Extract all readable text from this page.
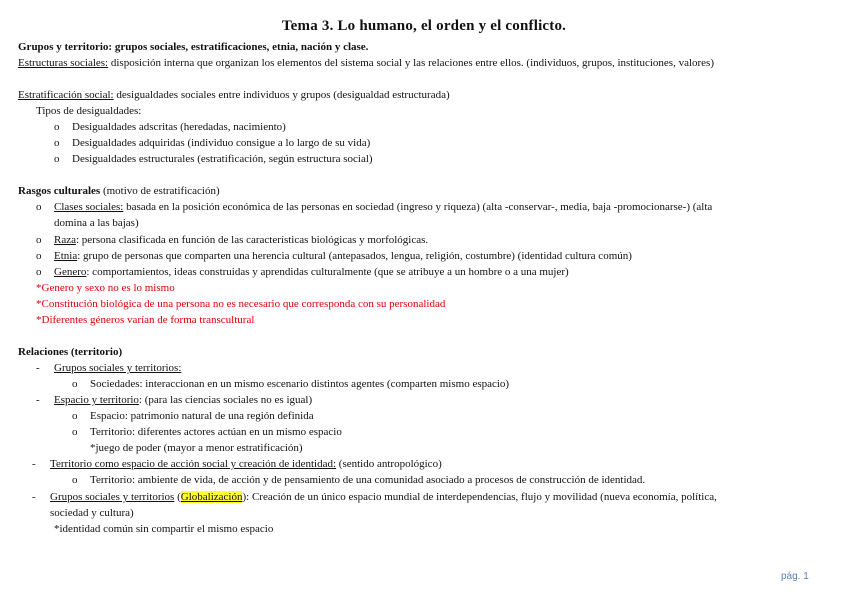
Tema 3. Lo humano, el orden y el conflicto.
Grupos y territorio: grupos sociales, estratificaciones, etnia, nación y clase.
Estructuras sociales: disposición interna que organizan los elementos del sistema social y las relaciones entre ellos. (individuos, grupos, instituciones, valores)
Estratificación social: desigualdades sociales entre individuos y grupos (desigualdad estructurada)
Tipos de desigualdades:
o Desigualdades adscritas (heredadas, nacimiento)
o Desigualdades adquiridas (individuo consigue a lo largo de su vida)
o Desigualdades estructurales (estratificación, según estructura social)
Rasgos culturales (motivo de estratificación)
o Clases sociales: basada en la posición económica de las personas en sociedad (ingreso y riqueza) (alta -conservar-, media, baja -promocionarse-) (alta
domina a las bajas)
o Raza: persona clasificada en función de las características biológicas y morfológicas.
o Etnia: grupo de personas que comparten una herencia cultural (antepasados, lengua, religión, costumbre) (identidad cultura común)
o Genero: comportamientos, ideas construidas y aprendidas culturalmente (que se atribuye a un hombre o a una mujer)
*Genero y sexo no es lo mismo
*Constitución biológica de una persona no es necesario que corresponda con su personalidad
*Diferentes géneros varían de forma transcultural
Relaciones (territorio)
- Grupos sociales y territorios:
o Sociedades: interaccionan en un mismo escenario distintos agentes (comparten mismo espacio)
- Espacio y territorio: (para las ciencias sociales no es igual)
o Espacio: patrimonio natural de una región definida
o Territorio: diferentes actores actúan en un mismo espacio
*juego de poder (mayor a menor estratificación)
- Territorio como espacio de acción social y creación de identidad: (sentido antropológico)
o Territorio: ambiente de vida, de acción y de pensamiento de una comunidad asociado a procesos de construcción de identidad.
- Grupos sociales y territorios (Globalización): Creación de un único espacio mundial de interdependencias, flujo y movilidad (nueva economía, política,
sociedad y cultura)
*identidad común sin compartir el mismo espacio
pág. 1
